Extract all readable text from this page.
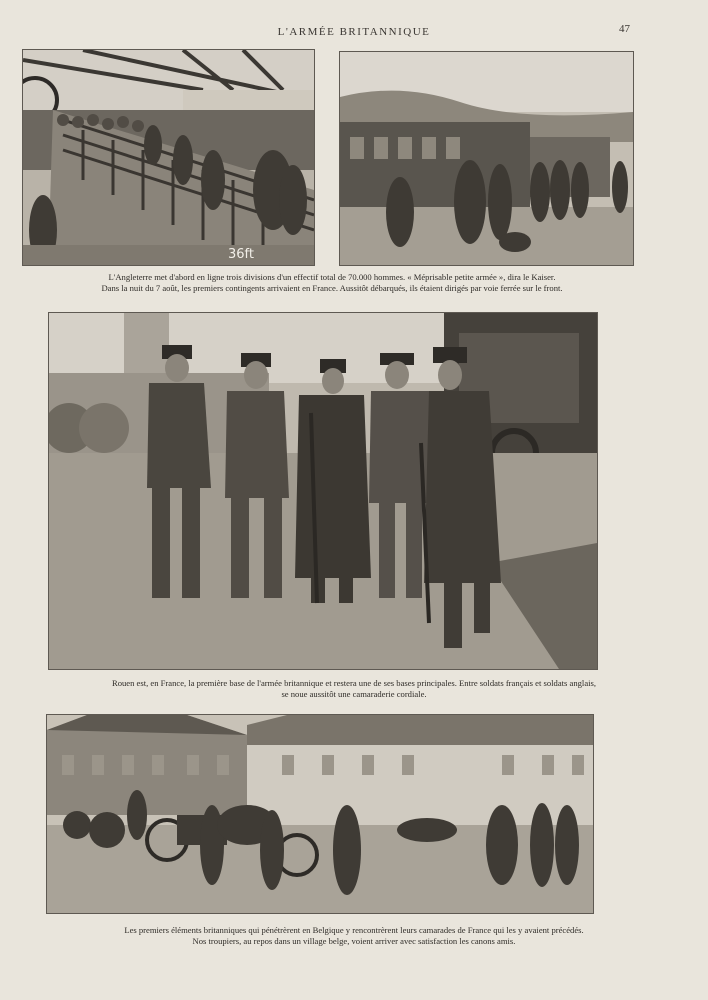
L'ARMÉE BRITANNIQUE	47
36ft
L'Angleterre met d'abord en ligne trois divisions d'un effectif total de 70.000 hommes. « Méprisable petite armée », dira le Kaiser.
Dans la nuit du 7 août, les premiers contingents arrivaient en France. Aussitôt débarqués, ils étaient dirigés par voie ferrée sur le front.
Rouen est, en France, la première base de l'armée britannique et restera une de ses bases principales. Entre soldats français et soldats anglais,
se noue aussitôt une camaraderie cordiale.
Les premiers éléments britanniques qui pénétrèrent en Belgique y rencontrèrent leurs camarades de France qui les y avaient précédés.
Nos troupiers, au repos dans un village belge, voient arriver avec satisfaction les canons amis.
